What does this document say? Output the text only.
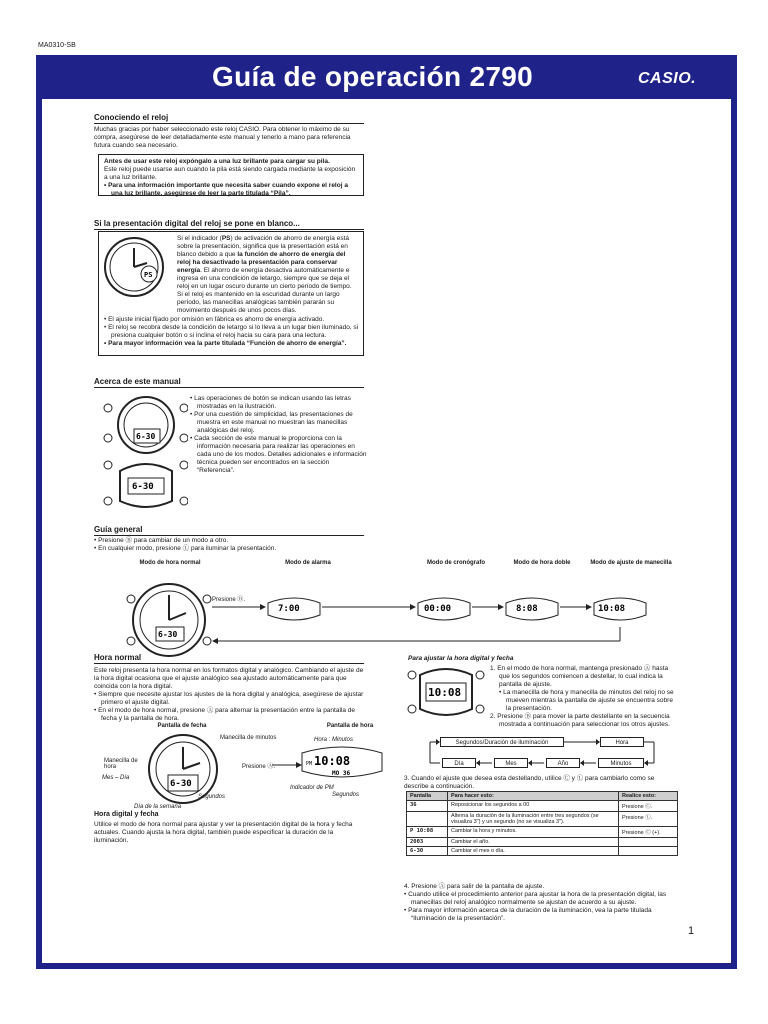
MA0310-SB
Guía de operación 2790	CASIO.
Conociendo el reloj
Muchas gracias por haber seleccionado este reloj CASIO. Para obtener lo máximo de su compra, asegúrese de leer detalladamente este manual y tenerlo a mano para referencia futura cuando sea necesario.
Antes de usar este reloj expóngalo a una luz brillante para cargar su pila.
Este reloj puede usarse aun cuando la pila está siendo cargada mediante la exposición a una luz brillante.
• Para una información importante que necesita saber cuando expone el reloj a una luz brillante, asegúrese de leer la parte titulada “Pila”.
Si la presentación digital del reloj se pone en blanco...
PS
Si el indicador (PS) de activación de ahorro de energía está sobre la presentación, significa que la presentación está en blanco debido a que la función de ahorro de energía del reloj ha desactivado la presentación para conservar energía. El ahorro de energía desactiva automáticamente e ingresa en una condición de letargo, siempre que se deja el reloj en un lugar oscuro durante un cierto período de tiempo. Si el reloj es mantenido en la escuridad durante un largo período, las manecillas analógicas también pararán su movimiento después de unos pocos días.
• El ajuste inicial fijado por omisión en fábrica es ahorro de energía activado.
• El reloj se recobra desde la condición de letargo si lo lleva a un lugar bien iluminado, si presiona cualquier botón o si inclina el reloj hacia su cara para una lectura.
• Para mayor información vea la parte titulada “Función de ahorro de energía”.
Acerca de este manual
6-30
6-30
• Las operaciones de botón se indican usando las letras mostradas en la ilustración.
• Por una cuestión de simplicidad, las presentaciones de muestra en este manual no muestran las manecillas analógicas del reloj.
• Cada sección de este manual le proporciona con la información necesaria para realizar las operaciones en cada uno de los modos. Detalles adicionales e información técnica pueden ser encontrados en la sección “Referencia”.
Guía general
• Presione Ⓑ para cambiar de un modo a otro.
• En cualquier modo, presione Ⓛ para iluminar la presentación.
Modo de hora normal	Modo de alarma	Modo de cronógrafo	Modo de hora doble	Modo de ajuste de manecilla
6-30
Presione Ⓑ.
7:00	00:00	8:08	10:08
Hora normal
Este reloj presenta la hora normal en los formatos digital y analógico. Cambiando el ajuste de la hora digital ocasiona que el ajuste analógico sea ajustado automáticamente para que coincida con la hora digital.
• Siempre que necesite ajustar los ajustes de la hora digital y analógica, asegúrese de ajustar primero el ajuste digital.
• En el modo de hora normal, presione Ⓐ para alternar la presentación entre la pantalla de fecha y la pantalla de hora.
Pantalla de fecha	Pantalla de hora
Manecilla de minutos
Manecilla de hora
Mes – Día
6-30
Segundos
Día de la semana
Presione Ⓐ.
Hora : Minutos
10:08
MO 36
PM
Indicador de PM
Segundos
Hora digital y fecha
Utilice el modo de hora normal para ajustar y ver la presentación digital de la hora y fecha actuales. Cuando ajusta la hora digital, también puede especificar la duración de la iluminación.
Para ajustar la hora digital y fecha
10:08
1. En el modo de hora normal, mantenga presionado Ⓐ hasta que los segundos comiencen a destellar, lo cual indica la pantalla de ajuste.
• La manecilla de hora y manecilla de minutos del reloj no se mueven mientras la pantalla de ajuste se encuentra sobre la presentación.
2. Presione Ⓑ para mover la parte destellante en la secuencia mostrada a continuación para seleccionar los otros ajustes.
Segundos/Duración de iluminación	Hora
Día	Mes	Año	Minutos
3. Cuando el ajuste que desea esta destellando, utilice Ⓒ y Ⓛ para cambiarlo como se describe a continuación.
Pantalla	Para hacer esto:	Realice esto:
36	Reposicionar los segundos a 00	Presione Ⓒ.
	Alterna la duración de la iluminación entre tres segundos (se visualiza 3") y un segundo (no se visualiza 3").	Presione Ⓛ.
P 10:08	Cambiar la hora y minutos.	Presione Ⓒ (+).
2003	Cambiar el año.	
6-30	Cambiar el mes o día.	
4. Presione Ⓐ para salir de la pantalla de ajuste.
• Cuando utilice el procedimiento anterior para ajustar la hora de la presentación digital, las manecillas del reloj analógico normalmente se ajustan de acuerdo a su ajuste.
• Para mayor información acerca de la duración de la iluminación, vea la parte titulada “Iluminación de la presentación”.
1
